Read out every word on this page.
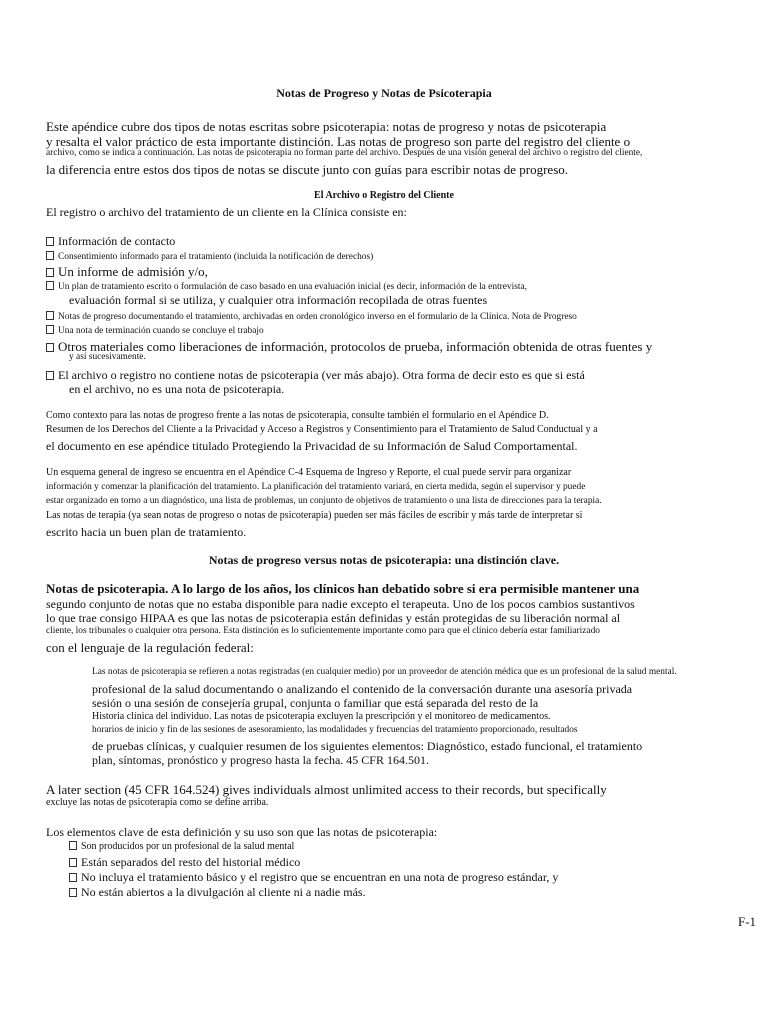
Notas de Progreso y Notas de Psicoterapia
Este apéndice cubre dos tipos de notas escritas sobre psicoterapia: notas de progreso y notas de psicoterapia
y resalta el valor práctico de esta importante distinción. Las notas de progreso son parte del registro del cliente o
archivo, como se indica a continuación. Las notas de psicoterapia no forman parte del archivo. Después de una visión general del archivo o registro del cliente,
la diferencia entre estos dos tipos de notas se discute junto con guías para escribir notas de progreso.
El Archivo o Registro del Cliente
El registro o archivo del tratamiento de un cliente en la Clínica consiste en:
Información de contacto
Consentimiento informado para el tratamiento (incluida la notificación de derechos)
Un informe de admisión y/o,
Un plan de tratamiento escrito o formulación de caso basado en una evaluación inicial (es decir, información de la entrevista,
evaluación formal si se utiliza, y cualquier otra información recopilada de otras fuentes
Notas de progreso documentando el tratamiento, archivadas en orden cronológico inverso en el formulario de la Clínica. Nota de Progreso
Una nota de terminación cuando se concluye el trabajo
Otros materiales como liberaciones de información, protocolos de prueba, información obtenida de otras fuentes y
y así sucesivamente.
El archivo o registro no contiene notas de psicoterapia (ver más abajo). Otra forma de decir esto es que si está
en el archivo, no es una nota de psicoterapia.
Como contexto para las notas de progreso frente a las notas de psicoterapia, consulte también el formulario en el Apéndice D.
Resumen de los Derechos del Cliente a la Privacidad y Acceso a Registros y Consentimiento para el Tratamiento de Salud Conductual y a
el documento en ese apéndice titulado Protegiendo la Privacidad de su Información de Salud Comportamental.
Un esquema general de ingreso se encuentra en el Apéndice C-4 Esquema de Ingreso y Reporte, el cual puede servir para organizar
información y comenzar la planificación del tratamiento. La planificación del tratamiento variará, en cierta medida, según el supervisor y puede
estar organizado en torno a un diagnóstico, una lista de problemas, un conjunto de objetivos de tratamiento o una lista de direcciones para la terapia.
Las notas de terapia (ya sean notas de progreso o notas de psicoterapia) pueden ser más fáciles de escribir y más tarde de interpretar si
escrito hacia un buen plan de tratamiento.
Notas de progreso versus notas de psicoterapia: una distinción clave.
Notas de psicoterapia. A lo largo de los años, los clínicos han debatido sobre si era permisible mantener una
segundo conjunto de notas que no estaba disponible para nadie excepto el terapeuta. Uno de los pocos cambios sustantivos
lo que trae consigo HIPAA es que las notas de psicoterapia están definidas y están protegidas de su liberación normal al
cliente, los tribunales o cualquier otra persona. Esta distinción es lo suficientemente importante como para que el clínico debería estar familiarizado
con el lenguaje de la regulación federal:
Las notas de psicoterapia se refieren a notas registradas (en cualquier medio) por un proveedor de atención médica que es un profesional de la salud mental.
profesional de la salud documentando o analizando el contenido de la conversación durante una asesoría privada
sesión o una sesión de consejería grupal, conjunta o familiar que está separada del resto de la
Historia clínica del individuo. Las notas de psicoterapia excluyen la prescripción y el monitoreo de medicamentos.
horarios de inicio y fin de las sesiones de asesoramiento, las modalidades y frecuencias del tratamiento proporcionado, resultados
de pruebas clínicas, y cualquier resumen de los siguientes elementos: Diagnóstico, estado funcional, el tratamiento
plan, síntomas, pronóstico y progreso hasta la fecha. 45 CFR 164.501.
A later section (45 CFR 164.524) gives individuals almost unlimited access to their records, but specifically
excluye las notas de psicoterapia como se define arriba.
Los elementos clave de esta definición y su uso son que las notas de psicoterapia:
Son producidos por un profesional de la salud mental
Están separados del resto del historial médico
No incluya el tratamiento básico y el registro que se encuentran en una nota de progreso estándar, y
No están abiertos a la divulgación al cliente ni a nadie más.
F-1
